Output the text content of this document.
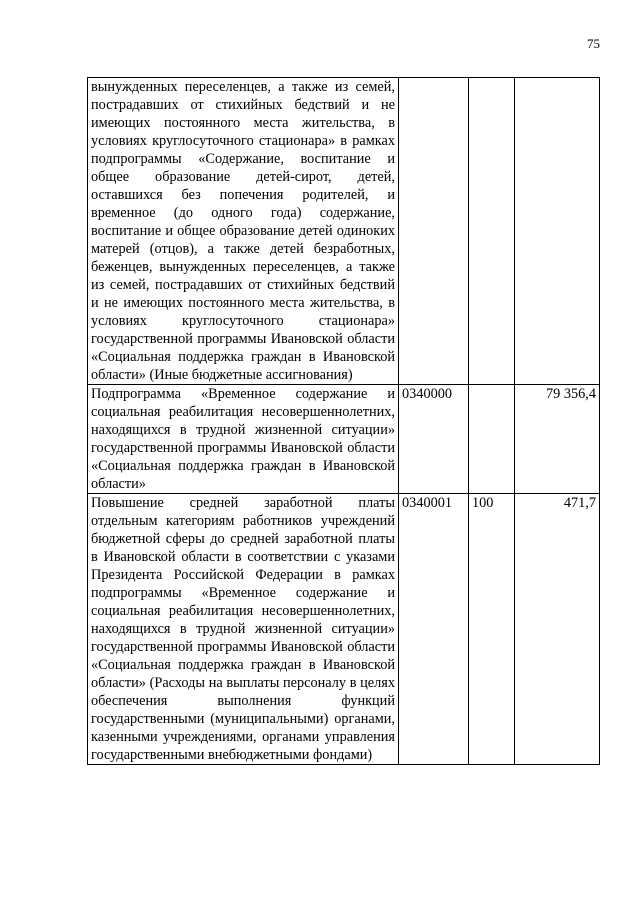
75
вынужденных переселенцев, а также из семей, пострадавших от стихийных бедствий и не имеющих постоянного места жительства, в условиях круглосуточного стационара» в рамках подпрограммы «Содержание, воспитание и общее образование детей-сирот, детей, оставшихся без попечения родителей, и временное (до одного года) содержание, воспитание и общее образование детей одиноких матерей (отцов), а также детей безработных, беженцев, вынужденных переселенцев, а также из семей, пострадавших от стихийных бедствий и не имеющих постоянного места жительства, в условиях круглосуточного стационара» государственной программы Ивановской области «Социальная поддержка граждан в Ивановской области» (Иные бюджетные ассигнования)			
Подпрограмма «Временное содержание и социальная реабилитация несовершеннолетних, находящихся в трудной жизненной ситуации» государственной программы Ивановской области «Социальная поддержка граждан в Ивановской области»	0340000		79 356,4
Повышение средней заработной платы отдельным категориям работников учреждений бюджетной сферы до средней заработной платы в Ивановской области в соответствии с указами Президента Российской Федерации в рамках подпрограммы «Временное содержание и социальная реабилитация несовершеннолетних, находящихся в трудной жизненной ситуации» государственной программы Ивановской области «Социальная поддержка граждан в Ивановской области» (Расходы на выплаты персоналу в целях обеспечения выполнения функций государственными (муниципальными) органами, казенными учреждениями, органами управления государственными внебюджетными фондами)	0340001	100	471,7
